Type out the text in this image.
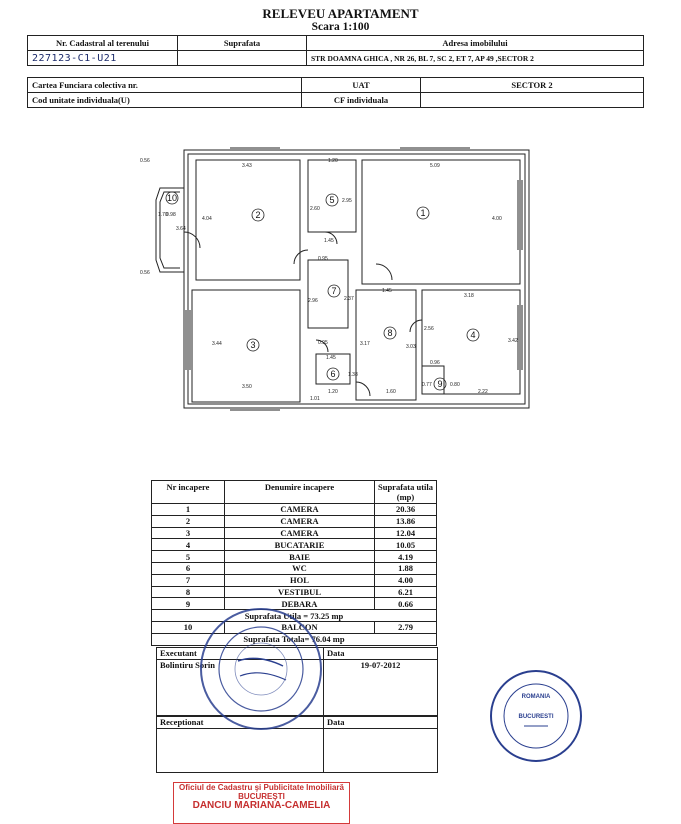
RELEVEU APARTAMENT
Scara 1:100
Nr. Cadastral al terenului	Suprafata	Adresa imobilului
227123-C1-U21		STR DOAMNA GHICA , NR 26, BL 7, SC 2, ET 7, AP 49 ,SECTOR 2
Cartea Funciara colectiva nr.	UAT	SECTOR 2
Cod unitate individuala(U)	CF individuala	
1
2
3
4
5
6
7
8
9
10
0.56
3.43
1.20
5.09
4.04
2.60
2.95
4.00
1.70
0.98
3.64
1.45
0.56
0.95
2.37
2.96
1.45
3.18
3.44	0.95	3.17	3.03
2.56
3.42
1.45
1.38
0.96
0.77	0.80
3.50
1.01
1.20	1.60	2.22
Nr incapere	Denumire incapere	Suprafata utila (mp)
1	CAMERA	20.36
2	CAMERA	13.86
3	CAMERA	12.04
4	BUCATARIE	10.05
5	BAIE	4.19
6	WC	1.88
7	HOL	4.00
8	VESTIBUL	6.21
9	DEBARA	0.66
Suprafata Utila = 73.25 mp		
10	BALCON	2.79
Suprafata Totala= 76.04 mp		
Executant	Data
Bolintiru Sorin	19-07-2012
Receptionat	Data

ROMANIA
BUCURESTI
Oficiul de Cadastru şi Publicitate Imobiliară
BUCUREŞTI
DANCIU MARIANA-CAMELIA
